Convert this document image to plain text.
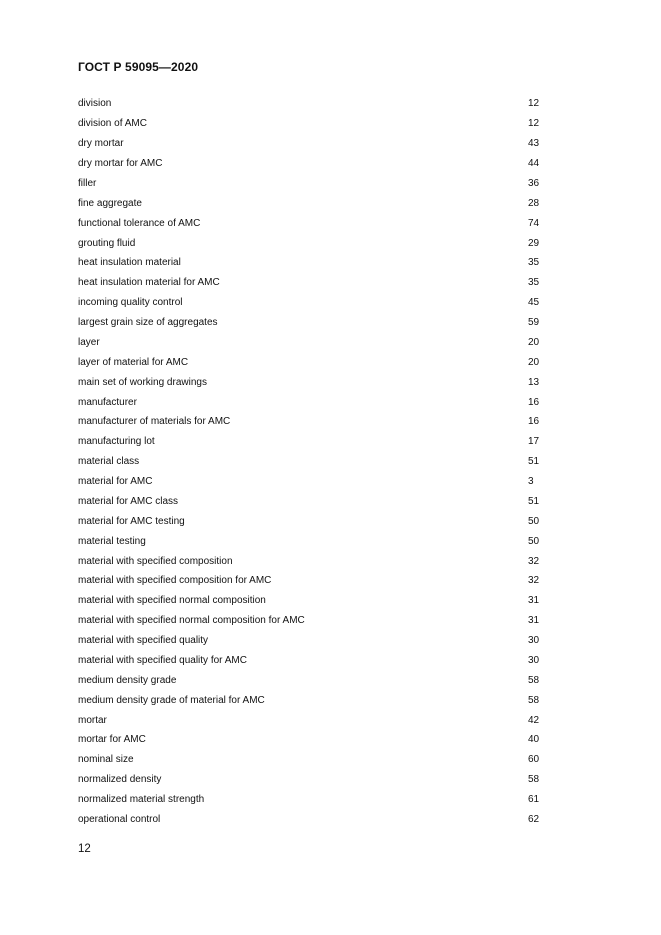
ГОСТ Р 59095—2020
division	12
division of AMC	12
dry mortar	43
dry mortar for AMC	44
filler	36
fine aggregate	28
functional tolerance of AMC	74
grouting fluid	29
heat insulation material	35
heat insulation material for AMC	35
incoming quality control	45
largest grain size of aggregates	59
layer	20
layer of material for AMC	20
main set of working drawings	13
manufacturer	16
manufacturer of materials for AMC	16
manufacturing lot	17
material class	51
material for AMC	3
material for AMC class	51
material for AMC testing	50
material testing	50
material with specified composition	32
material with specified composition for AMC	32
material with specified normal composition	31
material with specified normal composition for AMC	31
material with specified quality	30
material with specified quality for AMC	30
medium density grade	58
medium density grade of material for AMC	58
mortar	42
mortar for AMC	40
nominal size	60
normalized density	58
normalized material strength	61
operational control	62
12
